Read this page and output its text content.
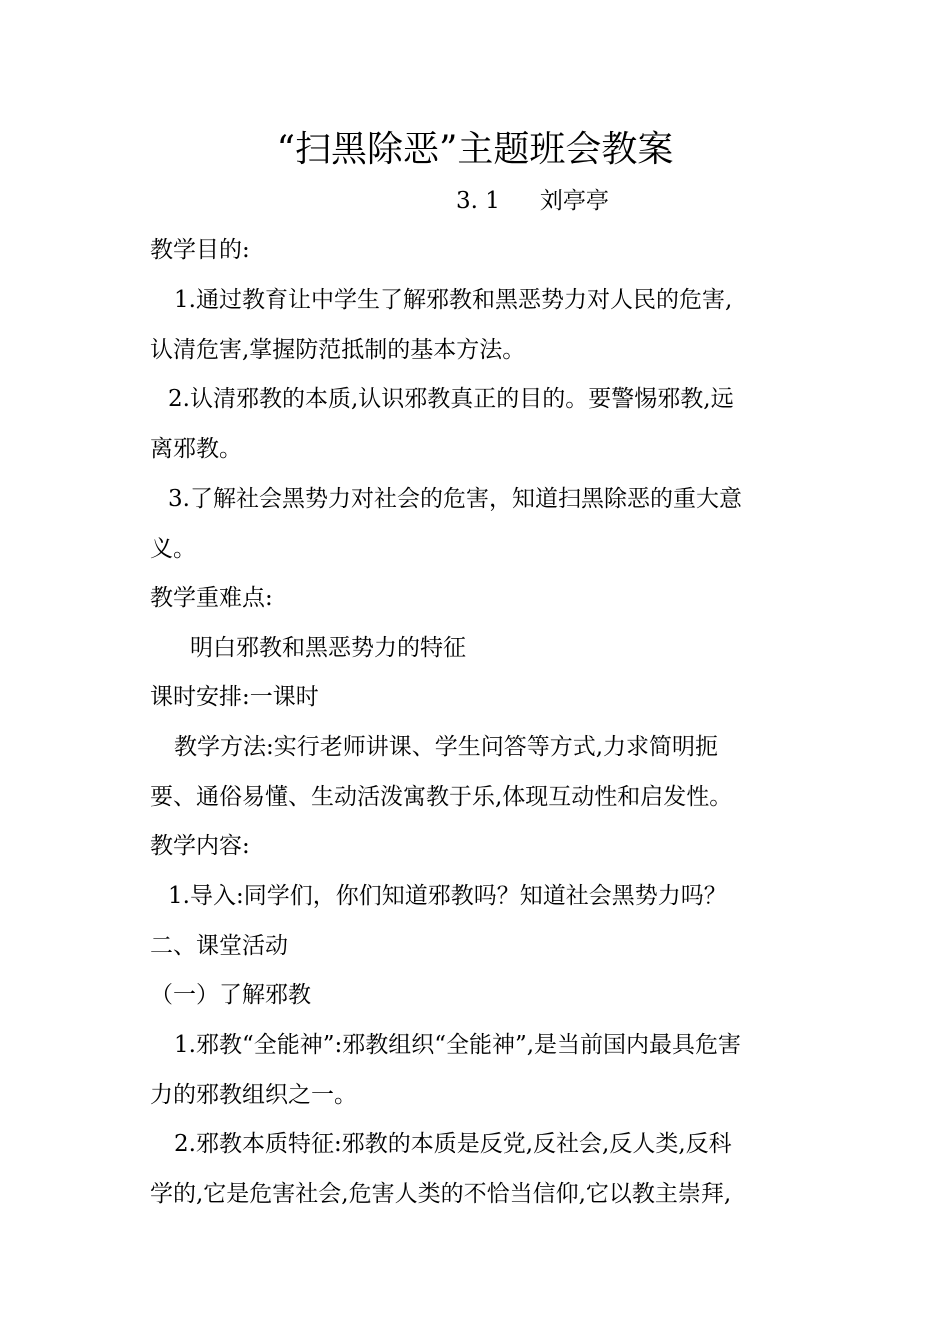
“扫黑除恶”主题班会教案
3. 1 刘亭亭
教学目的:
1.通过教育让中学生了解邪教和黑恶势力对人民的危害,
认清危害,掌握防范抵制的基本方法。
2.认清邪教的本质,认识邪教真正的目的。要警惕邪教,远
离邪教。
3.了解社会黑势力对社会的危害，知道扫黑除恶的重大意
义。
教学重难点:
明白邪教和黑恶势力的特征
课时安排:一课时
教学方法:实行老师讲课、学生问答等方式,力求简明扼
要、通俗易懂、生动活泼寓教于乐,体现互动性和启发性。
教学内容:
1.导入:同学们，你们知道邪教吗？知道社会黑势力吗？
二、课堂活动
（一）了解邪教
1.邪教“全能神”:邪教组织“全能神”,是当前国内最具危害
力的邪教组织之一。
2.邪教本质特征:邪教的本质是反党,反社会,反人类,反科
学的,它是危害社会,危害人类的不恰当信仰,它以教主崇拜,
